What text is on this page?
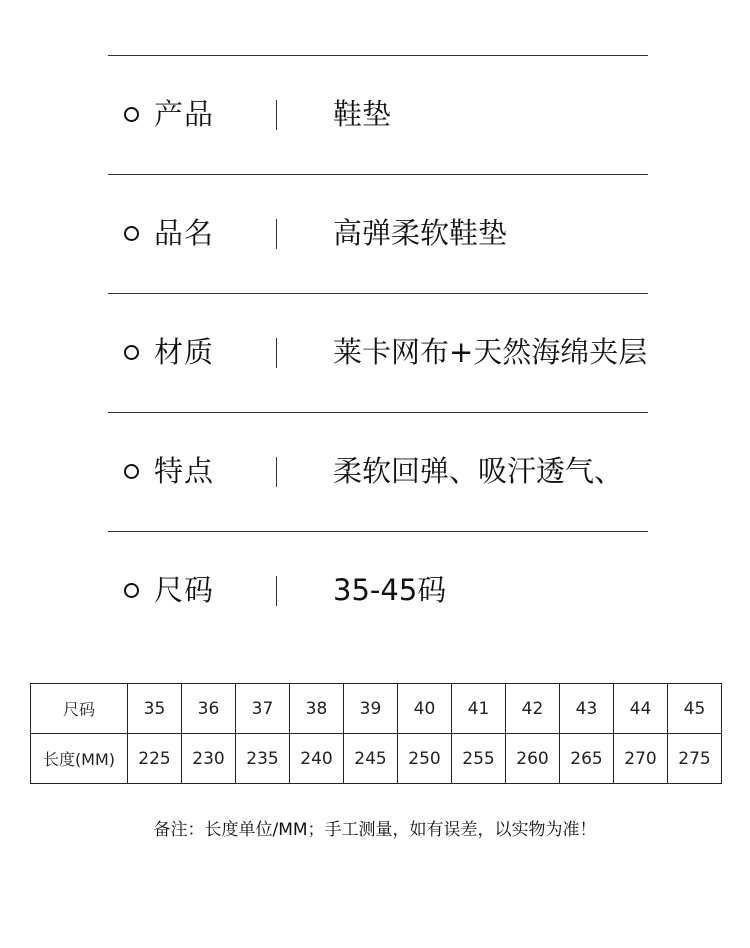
产品	鞋垫
品名	高弹柔软鞋垫
材质	莱卡网布+天然海绵夹层
特点	柔软回弹、吸汗透气、
尺码	35-45码
尺码	35	36	37	38	39	40	41	42	43	44	45
长度(MM)	225	230	235	240	245	250	255	260	265	270	275
备注：长度单位/MM；手工测量，如有误差，以实物为准！
